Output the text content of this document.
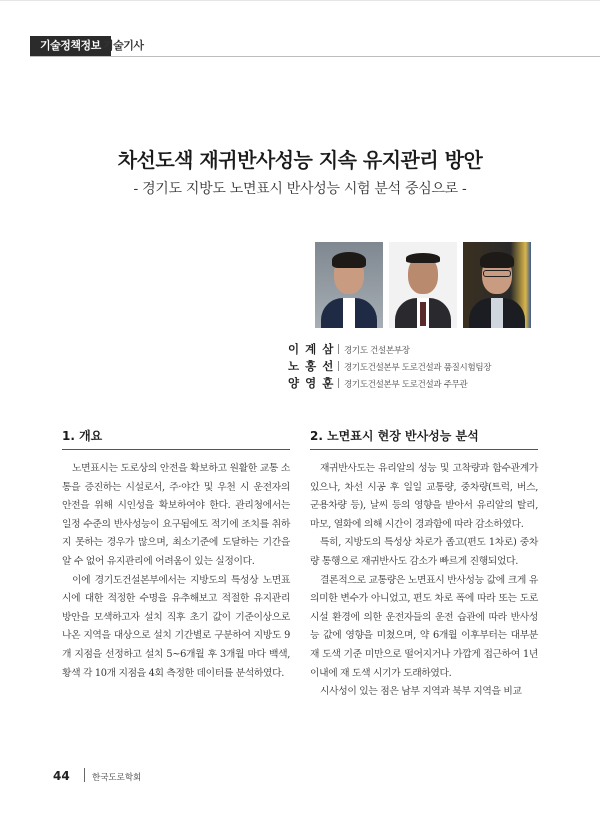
기술정책정보 기술기사
차선도색 재귀반사성능 지속 유지관리 방안
- 경기도 지방도 노면표시 반사성능 시험 분석 중심으로 -
이 계 삼 경기도 건설본부장
노 홍 선 경기도건설본부 도로건설과 품질시험팀장
양 영 훈 경기도건설본부 도로건설과 주무관
1. 개요	2. 노면표시 현장 반사성능 분석

노면표시는 도로상의 안전을 확보하고 원활한 교통 소통을 증진하는 시설로서, 주·야간 및 우천 시 운전자의 안전을 위해 시인성을 확보하여야 한다. 관리청에서는 일정 수준의 반사성능이 요구됨에도 적기에 조치를 취하지 못하는 경우가 많으며, 최소기준에 도달하는 기간을 알 수 없어 유지관리에 어려움이 있는 실정이다.

이에 경기도건설본부에서는 지방도의 특성상 노면표시에 대한 적정한 수명을 유추해보고 적절한 유지관리 방안을 모색하고자 설치 직후 초기 값이 기준이상으로 나온 지역을 대상으로 설치 기간별로 구분하여 지방도 9개 지점을 선정하고 설치 5~6개월 후 3개월 마다 백색, 황색 각 10개 지점을 4회 측정한 데이터를 분석하였다.

재귀반사도는 유리알의 성능 및 고착량과 함수관계가 있으나, 차선 시공 후 일일 교통량, 중차량(트럭, 버스, 군용차량 등), 날씨 등의 영향을 받아서 유리알의 탈리, 마모, 열화에 의해 시간이 경과함에 따라 감소하였다.

특히, 지방도의 특성상 차로가 좁고(편도 1차로) 중차량 통행으로 재귀반사도 감소가 빠르게 진행되었다.

결론적으로 교통량은 노면표시 반사성능 값에 크게 유의미한 변수가 아니었고, 편도 차로 폭에 따라 또는 도로시설 환경에 의한 운전자들의 운전 습관에 따라 반사성능 값에 영향을 미쳤으며, 약 6개월 이후부터는 대부분 재 도색 기준 미만으로 떨어지거나 가깝게 접근하여 1년 이내에 재 도색 시기가 도래하였다.

시사성이 있는 점은 남부 지역과 북부 지역을 비교

44	한국도로학회
